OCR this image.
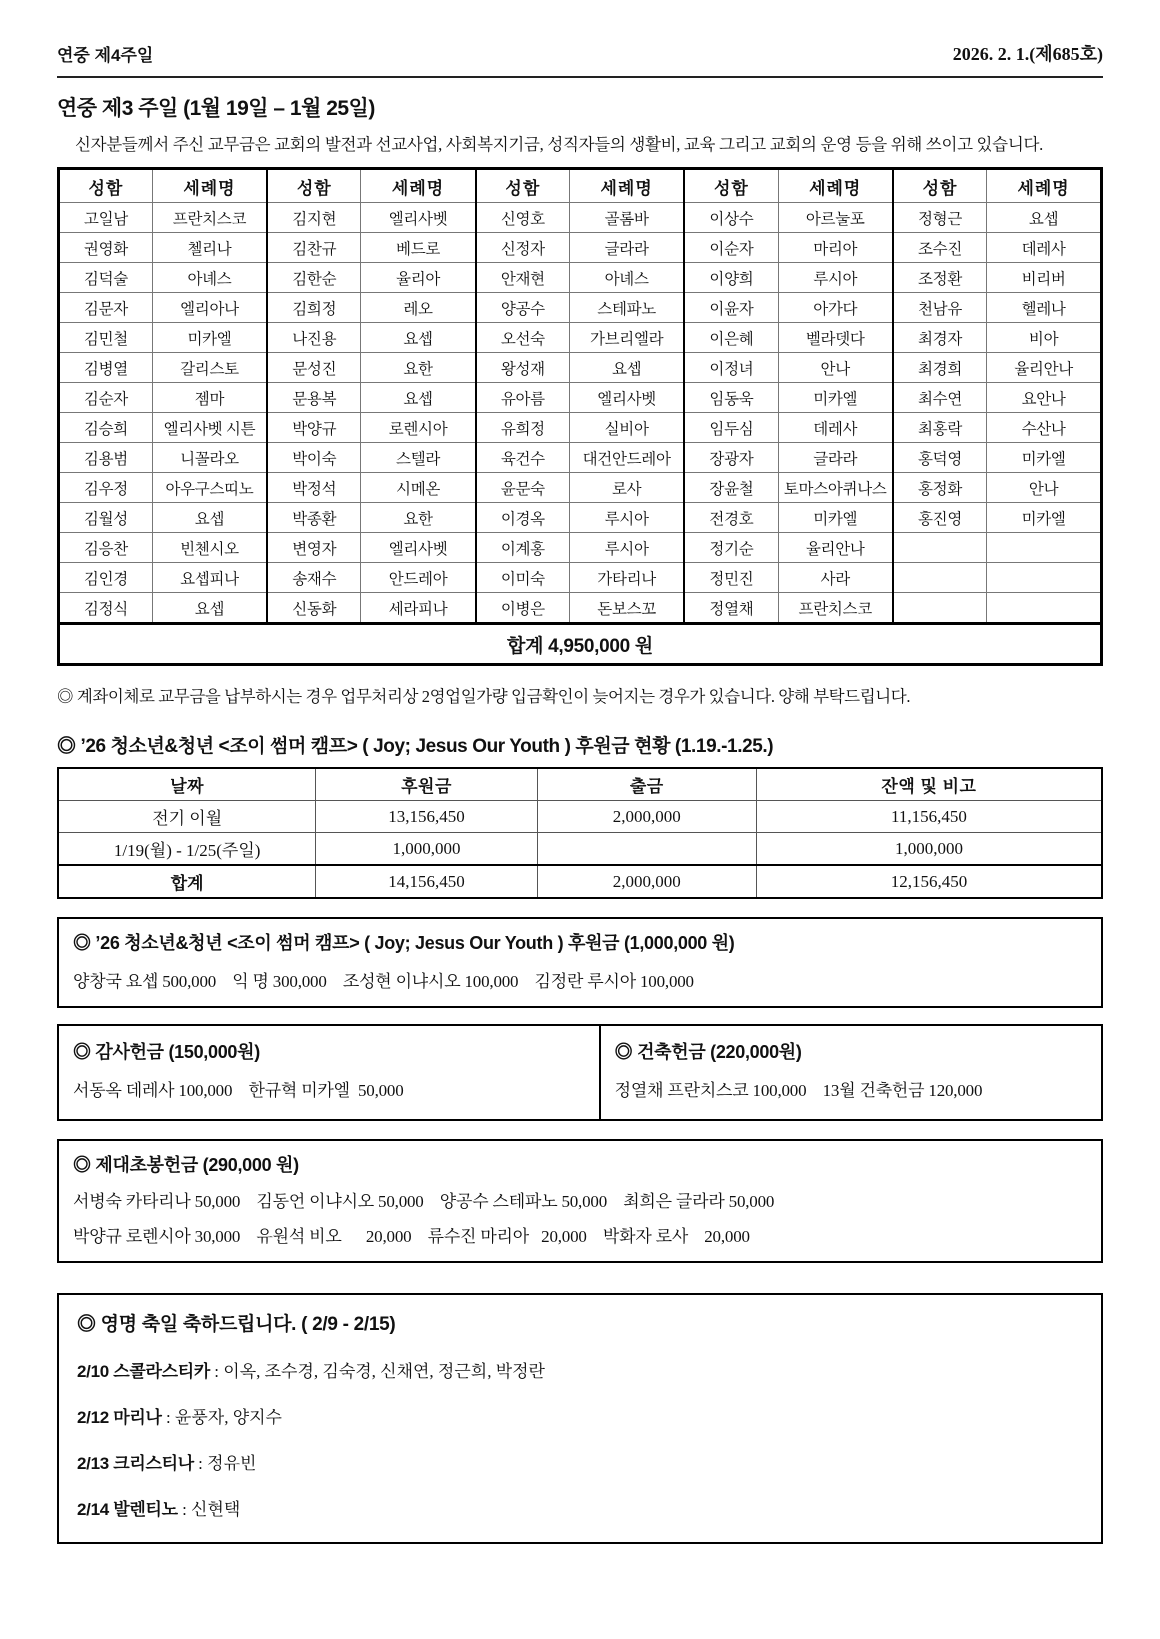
연중 제4주일	2026. 2. 1.(제685호)
연중 제3 주일 (1월 19일 – 1월 25일)
신자분들께서 주신 교무금은 교회의 발전과 선교사업, 사회복지기금, 성직자들의 생활비, 교육 그리고 교회의 운영 등을 위해 쓰이고 있습니다.
성함	세례명	성함	세례명	성함	세례명	성함	세례명	성함	세례명
고일남	프란치스코	김지현	엘리사벳	신영호	골롬바	이상수	아르눌포	정형근	요셉
권영화	첼리나	김찬규	베드로	신정자	글라라	이순자	마리아	조수진	데레사
김덕술	아녜스	김한순	율리아	안재현	아녜스	이양희	루시아	조정환	비리버
김문자	엘리아나	김희정	레오	양공수	스테파노	이윤자	아가다	천남유	헬레나
김민철	미카엘	나진용	요셉	오선숙	가브리엘라	이은혜	벨라뎃다	최경자	비아
김병열	갈리스토	문성진	요한	왕성재	요셉	이정녀	안나	최경희	율리안나
김순자	젬마	문용복	요셉	유아름	엘리사벳	임동욱	미카엘	최수연	요안나
김승희	엘리사벳 시튼	박양규	로렌시아	유희정	실비아	임두심	데레사	최홍락	수산나
김용범	니꼴라오	박이숙	스텔라	육건수	대건안드레아	장광자	글라라	홍덕영	미카엘
김우정	아우구스띠노	박정석	시메온	윤문숙	로사	장윤철	토마스아퀴나스	홍정화	안나
김월성	요셉	박종환	요한	이경옥	루시아	전경호	미카엘	홍진영	미카엘
김응찬	빈첸시오	변영자	엘리사벳	이계홍	루시아	정기순	율리안나		
김인경	요셉피나	송재수	안드레아	이미숙	가타리나	정민진	사라		
김정식	요셉	신동화	세라피나	이병은	돈보스꼬	정열채	프란치스코		
합계 4,950,000 원									
◎ 계좌이체로 교무금을 납부하시는 경우 업무처리상 2영업일가량 입금확인이 늦어지는 경우가 있습니다. 양해 부탁드립니다.
◎ ’26 청소년&청년 <조이 썸머 캠프> ( Joy; Jesus Our Youth ) 후원금 현황 (1.19.-1.25.)
날짜	후원금	출금	잔액 및 비고
전기 이월	13,156,450	2,000,000	11,156,450
1/19(월) - 1/25(주일)	1,000,000		1,000,000
합계	14,156,450	2,000,000	12,156,450
◎ ’26 청소년&청년 <조이 썸머 캠프> ( Joy; Jesus Our Youth ) 후원금 (1,000,000 원)
양창국 요셉 500,000    익 명 300,000    조성현 이냐시오 100,000    김정란 루시아 100,000
◎ 감사헌금 (150,000원)
서동옥 데레사 100,000    한규혁 미카엘  50,000
◎ 건축헌금 (220,000원)
정열채 프란치스코 100,000    13월 건축헌금 120,000
◎ 제대초봉헌금 (290,000 원)
서병숙 카타리나 50,000    김동언 이냐시오 50,000    양공수 스테파노 50,000    최희은 글라라 50,000
박양규 로렌시아 30,000    유원석 비오      20,000    류수진 마리아   20,000    박화자 로사    20,000
◎ 영명 축일 축하드립니다. ( 2/9 - 2/15)
2/10 스콜라스티카 : 이옥, 조수경, 김숙경, 신채연, 정근희, 박정란
2/12 마리나 : 윤풍자, 양지수
2/13 크리스티나 : 정유빈
2/14 발렌티노 : 신현택
